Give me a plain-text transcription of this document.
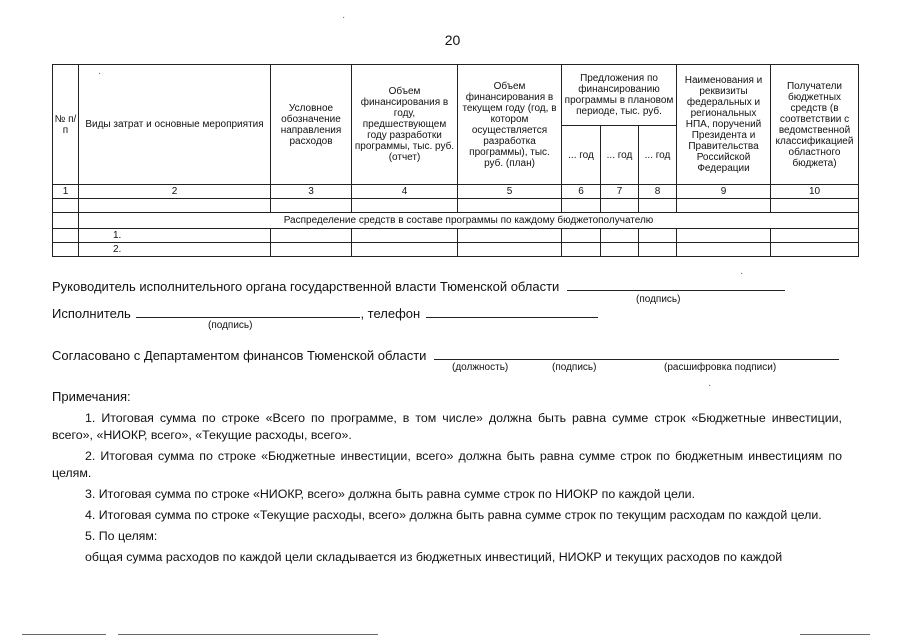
20
№ п/п	Виды затрат и основные мероприятия	Условное обозначение направления расходов	Объем финансирования в году, предшествующем году разработки программы, тыс. руб. (отчет)	Объем финансирования в текущем году (год, в котором осуществляется разработка программы), тыс. руб. (план)	Предложения по финансированию программы в плановом периоде, тыс. руб.			Наименования и реквизиты федеральных и региональных НПА, поручений Президента и Правительства Российской Федерации	Получатели бюджетных средств (в соответствии с ведомственной классификацией областного бюджета)
					... год	... год	... год		
1	2	3	4	5	6	7	8	9	10

	Распределение средств в составе программы по каждому бюджетополучателю								
	1.								
	2.								
Руководитель исполнительного органа государственной власти Тюменской области
(подпись)
Исполнитель	, телефон
(подпись)
Согласовано с Департаментом финансов Тюменской области
(должность)	(подпись)	(расшифровка подписи)
Примечания:

1. Итоговая сумма по строке «Всего по программе, в том числе» должна быть равна сумме строк «Бюджетные инвестиции, всего», «НИОКР, всего», «Текущие расходы, всего».

2. Итоговая сумма по строке «Бюджетные инвестиции, всего» должна быть равна сумме строк по бюджетным инвестициям по целям.

3. Итоговая сумма по строке «НИОКР, всего» должна быть равна сумме строк по НИОКР по каждой цели.

4. Итоговая сумма по строке «Текущие расходы, всего» должна быть равна сумме строк по текущим расходам по каждой цели.

5. По целям:

общая сумма расходов по каждой цели складывается из бюджетных инвестиций, НИОКР и текущих расходов по каждой

·
·
·
·
